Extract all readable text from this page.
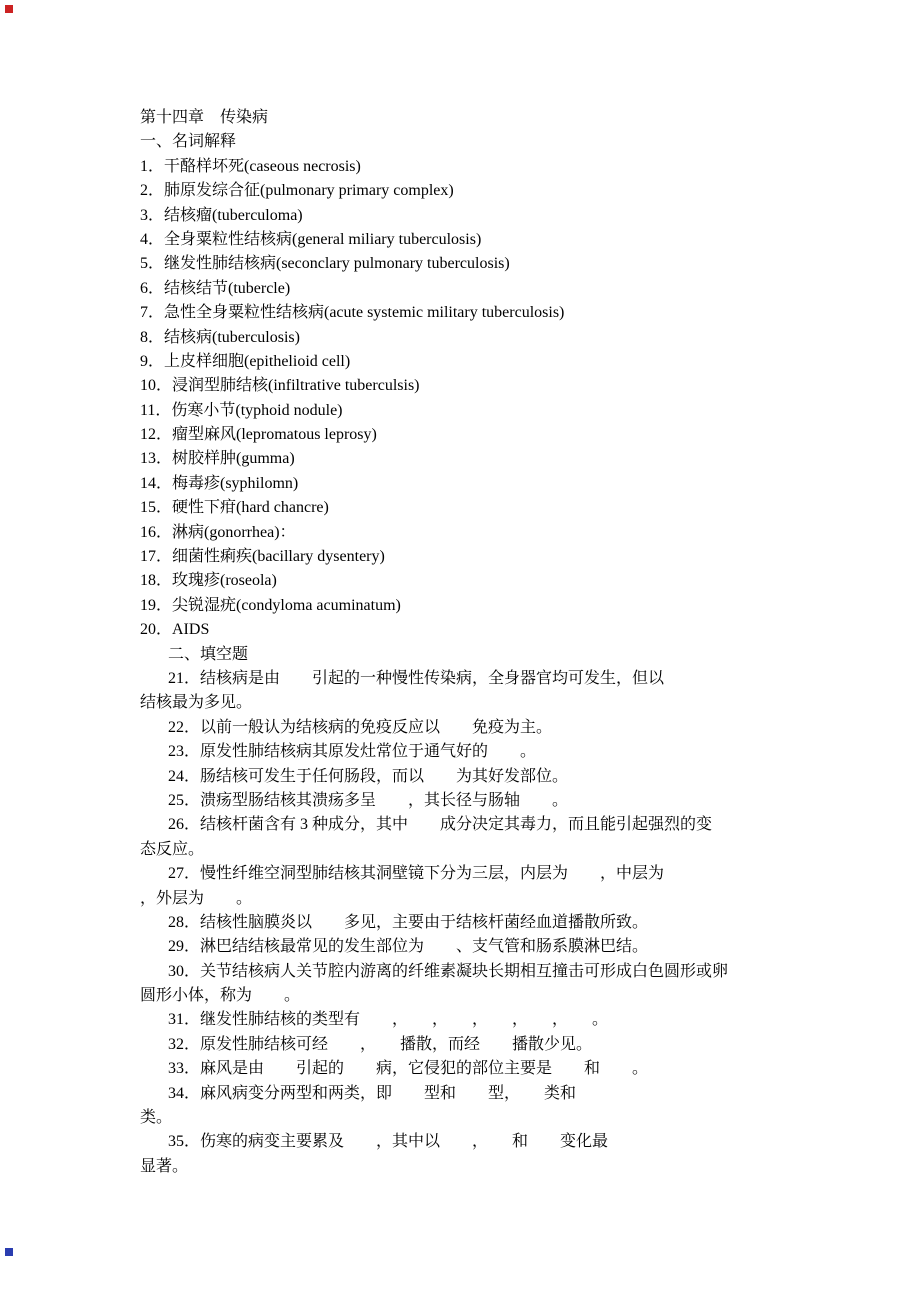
第十四章　传染病
一、名词解释
1．干酪样坏死(caseous necrosis)
2．肺原发综合征(pulmonary primary complex)
3．结核瘤(tuberculoma)
4．全身粟粒性结核病(general miliary tuberculosis)
5．继发性肺结核病(seconclary pulmonary tuberculosis)
6．结核结节(tubercle)
7．急性全身粟粒性结核病(acute systemic military tuberculosis)
8．结核病(tuberculosis)
9．上皮样细胞(epithelioid cell)
10．浸润型肺结核(infiltrative tuberculsis)
11．伤寒小节(typhoid nodule)
12．瘤型麻风(lepromatous leprosy)
13．树胶样肿(gumma)
14．梅毒疹(syphilomn)
15．硬性下疳(hard chancre)
16．淋病(gonorrhea)：
17．细菌性痢疾(bacillary dysentery)
18．玫瑰疹(roseola)
19．尖锐湿疣(condyloma acuminatum)
20．AIDS
二、填空题
21．结核病是由　　引起的一种慢性传染病，全身器官均可发生，但以
结核最为多见。
22．以前一般认为结核病的免疫反应以　　免疫为主。
23．原发性肺结核病其原发灶常位于通气好的　　。
24．肠结核可发生于任何肠段，而以　　为其好发部位。
25．溃疡型肠结核其溃疡多呈　　，其长径与肠轴　　。
26．结核杆菌含有 3 种成分，其中　　成分决定其毒力，而且能引起强烈的变
态反应。
27．慢性纤维空洞型肺结核其洞壁镜下分为三层，内层为　　，中层为
，外层为　　。
28．结核性脑膜炎以　　多见，主要由于结核杆菌经血道播散所致。
29．淋巴结结核最常见的发生部位为　　、支气管和肠系膜淋巴结。
30．关节结核病人关节腔内游离的纤维素凝块长期相互撞击可形成白色圆形或卵
圆形小体，称为　　。
31．继发性肺结核的类型有　　，　　，　　，　　，　　，　　。
32．原发性肺结核可经　　，　　播散，而经　　播散少见。
33．麻风是由　　引起的　　病，它侵犯的部位主要是　　和　　。
34．麻风病变分两型和两类，即　　型和　　型，　　类和
类。
35．伤寒的病变主要累及　　，其中以　　，　　和　　变化最
显著。
